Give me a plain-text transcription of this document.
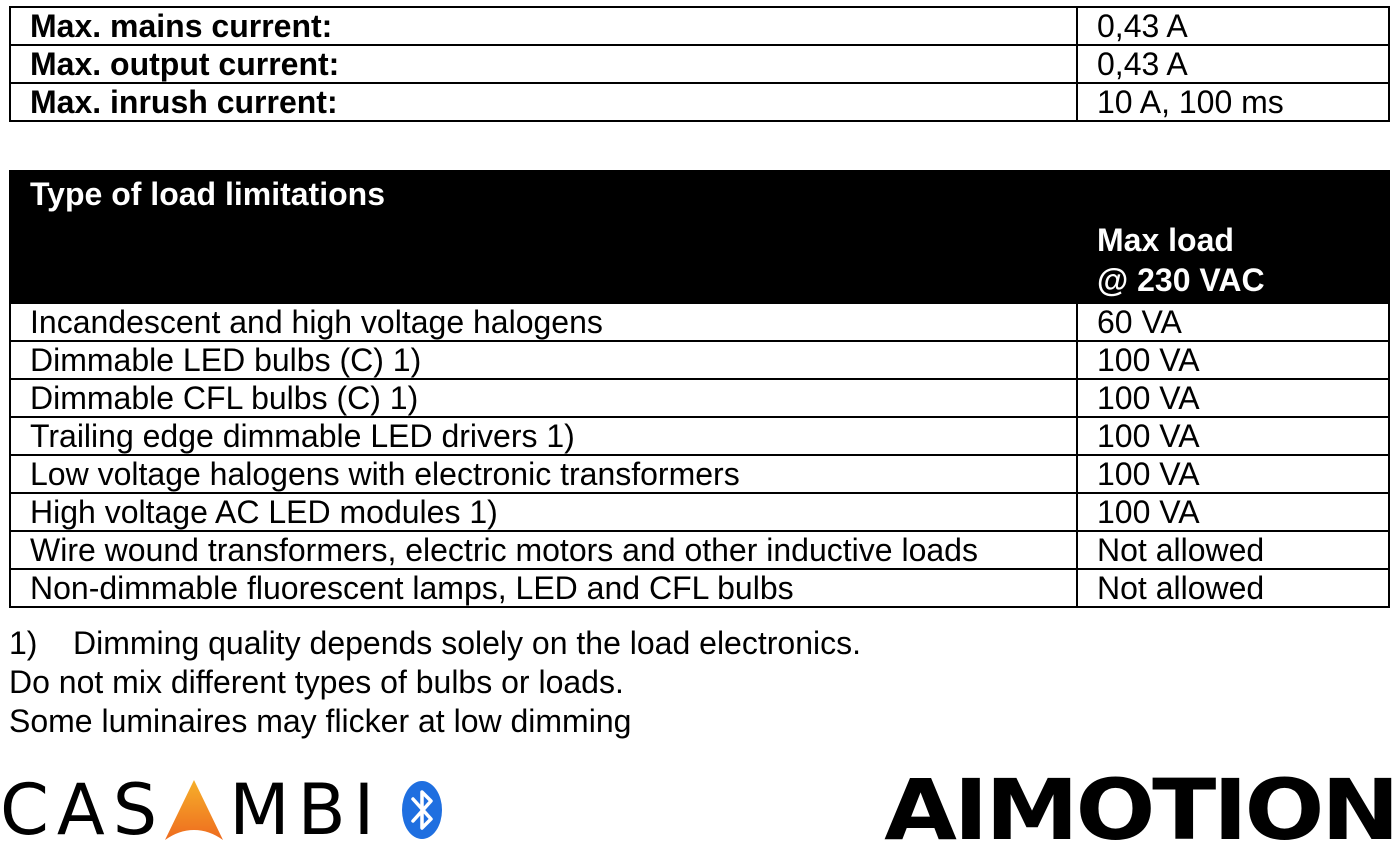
Max. mains current:	0,43 A
Max. output current:	0,43 A
Max. inrush current:	10 A, 100 ms
Type of load limitations	Max load
@ 230 VAC

Incandescent and high voltage halogens	60 VA
Dimmable LED bulbs (C) 1)	100 VA
Dimmable CFL bulbs (C) 1)	100 VA
Trailing edge dimmable LED drivers 1)	100 VA
Low voltage halogens with electronic transformers	100 VA
High voltage AC LED modules 1)	100 VA
Wire wound transformers, electric motors and other inductive loads	Not allowed
Non-dimmable fluorescent lamps, LED and CFL bulbs	Not allowed
1) Dimming quality depends solely on the load electronics.
Do not mix different types of bulbs or loads.
Some luminaires may flicker at low dimming
CAS MBI	AIMOTION
